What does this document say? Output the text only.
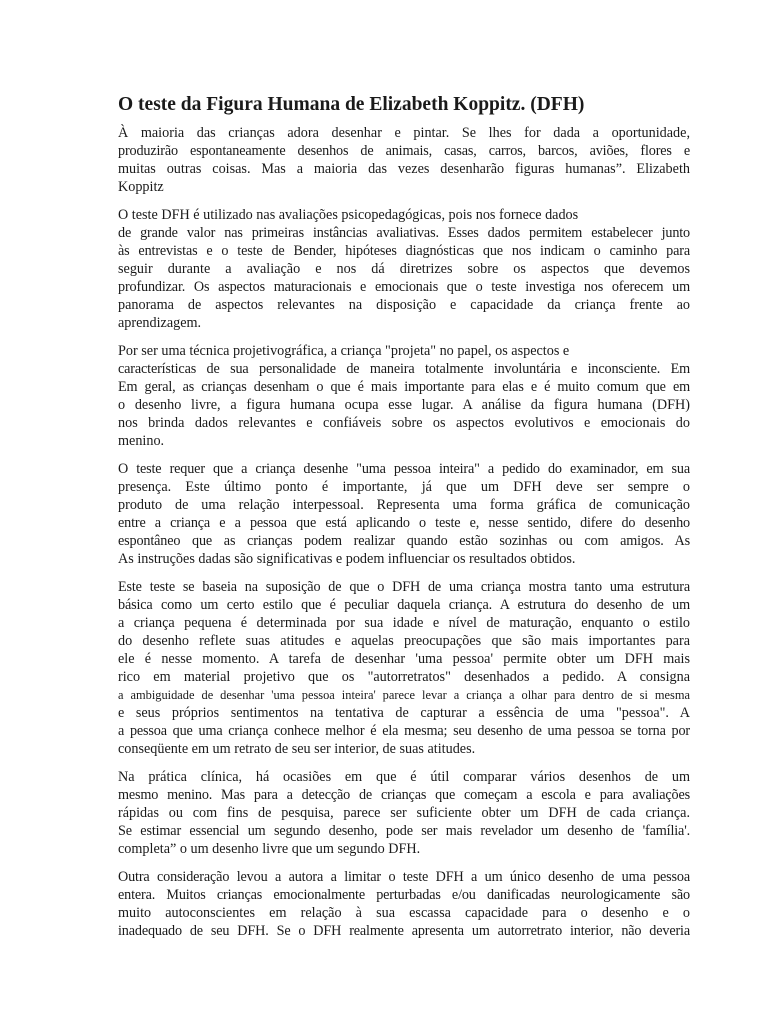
O teste da Figura Humana de Elizabeth Koppitz. (DFH)
À maioria das crianças adora desenhar e pintar. Se lhes for dada a oportunidade,
produzirão espontaneamente desenhos de animais, casas, carros, barcos, aviões, flores e
muitas outras coisas. Mas a maioria das vezes desenharão figuras humanas”. Elizabeth
Koppitz
O teste DFH é utilizado nas avaliações psicopedagógicas, pois nos fornece dados
de grande valor nas primeiras instâncias avaliativas. Esses dados permitem estabelecer junto
às entrevistas e o teste de Bender, hipóteses diagnósticas que nos indicam o caminho para
seguir durante a avaliação e nos dá diretrizes sobre os aspectos que devemos
profundizar. Os aspectos maturacionais e emocionais que o teste investiga nos oferecem um
panorama de aspectos relevantes na disposição e capacidade da criança frente ao
aprendizagem.
Por ser uma técnica projetivográfica, a criança "projeta" no papel, os aspectos e
características de sua personalidade de maneira totalmente involuntária e inconsciente. Em
Em geral, as crianças desenham o que é mais importante para elas e é muito comum que em
o desenho livre, a figura humana ocupa esse lugar. A análise da figura humana (DFH)
nos brinda dados relevantes e confiáveis sobre os aspectos evolutivos e emocionais do
menino.
O teste requer que a criança desenhe "uma pessoa inteira" a pedido do examinador, em sua
presença. Este último ponto é importante, já que um DFH deve ser sempre o
produto de uma relação interpessoal. Representa uma forma gráfica de comunicação
entre a criança e a pessoa que está aplicando o teste e, nesse sentido, difere do desenho
espontâneo que as crianças podem realizar quando estão sozinhas ou com amigos. As
As instruções dadas são significativas e podem influenciar os resultados obtidos.
Este teste se baseia na suposição de que o DFH de uma criança mostra tanto uma estrutura
básica como um certo estilo que é peculiar daquela criança. A estrutura do desenho de um
a criança pequena é determinada por sua idade e nível de maturação, enquanto o estilo
do desenho reflete suas atitudes e aquelas preocupações que são mais importantes para
ele é nesse momento. A tarefa de desenhar 'uma pessoa' permite obter um DFH mais
rico em material projetivo que os "autorretratos" desenhados a pedido. A consigna
a ambiguidade de desenhar 'uma pessoa inteira' parece levar a criança a olhar para dentro de si mesma
e seus próprios sentimentos na tentativa de capturar a essência de uma "pessoa". A
a pessoa que uma criança conhece melhor é ela mesma; seu desenho de uma pessoa se torna por
conseqüente em um retrato de seu ser interior, de suas atitudes.
Na prática clínica, há ocasiões em que é útil comparar vários desenhos de um
mesmo menino. Mas para a detecção de crianças que começam a escola e para avaliações
rápidas ou com fins de pesquisa, parece ser suficiente obter um DFH de cada criança.
Se estimar essencial um segundo desenho, pode ser mais revelador um desenho de 'família'.
completa” o um desenho livre que um segundo DFH.
Outra consideração levou a autora a limitar o teste DFH a um único desenho de uma pessoa
entera. Muitos crianças emocionalmente perturbadas e/ou danificadas neurologicamente são
muito autoconscientes em relação à sua escassa capacidade para o desenho e o
inadequado de seu DFH. Se o DFH realmente apresenta um autorretrato interior, não deveria
